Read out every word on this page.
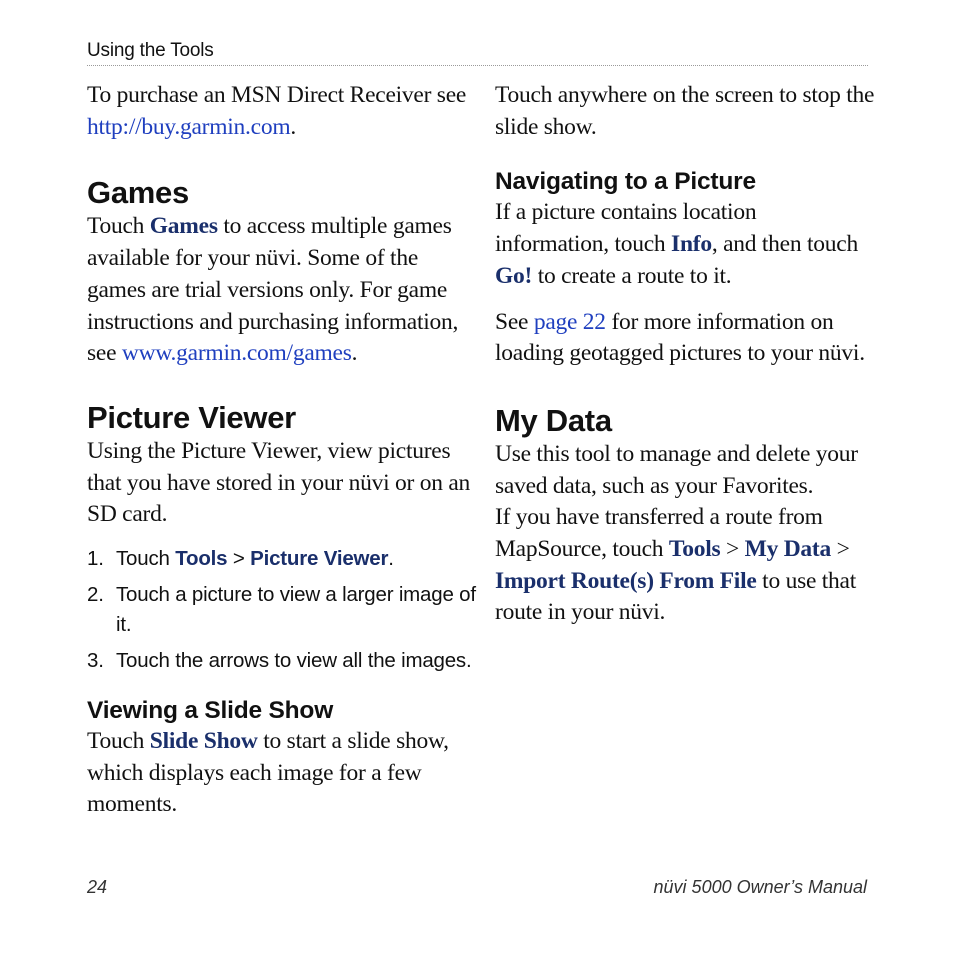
Using the Tools

To purchase an MSN Direct Receiver see http://buy.garmin.com.

Games

Touch Games to access multiple games available for your nüvi. Some of the games are trial versions only. For game instructions and purchasing information, see www.garmin.com/games.

Picture Viewer

Using the Picture Viewer, view pictures that you have stored in your nüvi or on an SD card.

1. Touch Tools > Picture Viewer.
2. Touch a picture to view a larger image of it.
3. Touch the arrows to view all the images.
Viewing a Slide Show

Touch Slide Show to start a slide show, which displays each image for a few moments.

Touch anywhere on the screen to stop the slide show.

Navigating to a Picture

If a picture contains location information, touch Info, and then touch Go! to create a route to it.

See page 22 for more information on loading geotagged pictures to your nüvi.

My Data

Use this tool to manage and delete your saved data, such as your Favorites.

If you have transferred a route from MapSource, touch Tools > My Data > Import Route(s) From File to use that route in your nüvi.

24	nüvi 5000 Owner’s Manual
